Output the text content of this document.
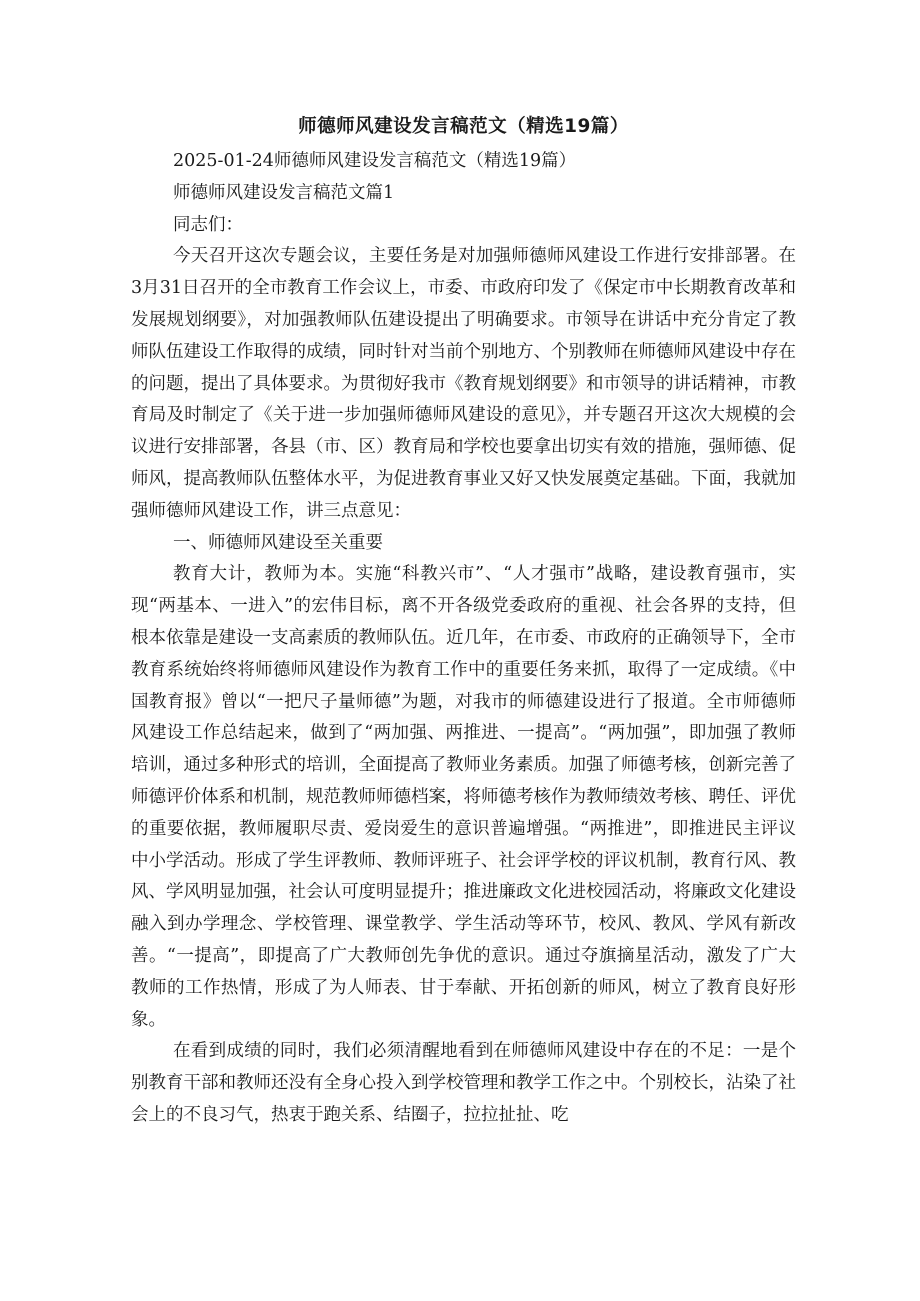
师德师风建设发言稿范文（精选19篇）

2025-01-24师德师风建设发言稿范文（精选19篇）

师德师风建设发言稿范文篇1

同志们：

今天召开这次专题会议，主要任务是对加强师德师风建设工作进行安排部署。在3月31日召开的全市教育工作会议上，市委、市政府印发了《保定市中长期教育改革和发展规划纲要》，对加强教师队伍建设提出了明确要求。市领导在讲话中充分肯定了教师队伍建设工作取得的成绩，同时针对当前个别地方、个别教师在师德师风建设中存在的问题，提出了具体要求。为贯彻好我市《教育规划纲要》和市领导的讲话精神，市教育局及时制定了《关于进一步加强师德师风建设的意见》，并专题召开这次大规模的会议进行安排部署，各县（市、区）教育局和学校也要拿出切实有效的措施，强师德、促师风，提高教师队伍整体水平，为促进教育事业又好又快发展奠定基础。下面，我就加强师德师风建设工作，讲三点意见：

一、师德师风建设至关重要

教育大计，教师为本。实施“科教兴市”、“人才强市”战略，建设教育强市，实现“两基本、一进入”的宏伟目标，离不开各级党委政府的重视、社会各界的支持，但根本依靠是建设一支高素质的教师队伍。近几年，在市委、市政府的正确领导下，全市教育系统始终将师德师风建设作为教育工作中的重要任务来抓，取得了一定成绩。《中国教育报》曾以“一把尺子量师德”为题，对我市的师德建设进行了报道。全市师德师风建设工作总结起来，做到了“两加强、两推进、一提高”。“两加强”，即加强了教师培训，通过多种形式的培训，全面提高了教师业务素质。加强了师德考核，创新完善了师德评价体系和机制，规范教师师德档案，将师德考核作为教师绩效考核、聘任、评优的重要依据，教师履职尽责、爱岗爱生的意识普遍增强。“两推进”，即推进民主评议中小学活动。形成了学生评教师、教师评班子、社会评学校的评议机制，教育行风、教风、学风明显加强，社会认可度明显提升；推进廉政文化进校园活动，将廉政文化建设融入到办学理念、学校管理、课堂教学、学生活动等环节，校风、教风、学风有新改善。“一提高”，即提高了广大教师创先争优的意识。通过夺旗摘星活动，激发了广大教师的工作热情，形成了为人师表、甘于奉献、开拓创新的师风，树立了教育良好形象。

在看到成绩的同时，我们必须清醒地看到在师德师风建设中存在的不足：一是个别教育干部和教师还没有全身心投入到学校管理和教学工作之中。个别校长，沾染了社会上的不良习气，热衷于跑关系、结圈子，拉拉扯扯、吃
